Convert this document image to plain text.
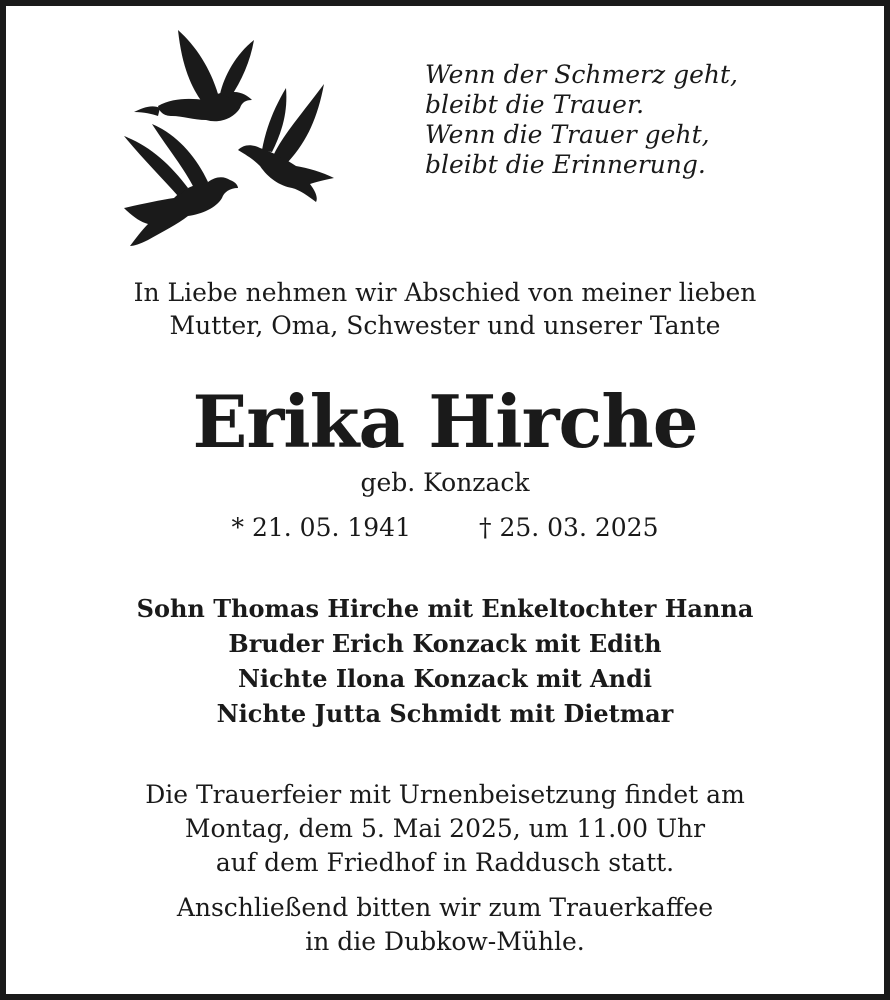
Wenn der Schmerz geht,
bleibt die Trauer.
Wenn die Trauer geht,
bleibt die Erinnerung.
In Liebe nehmen wir Abschied von meiner lieben
Mutter, Oma, Schwester und unserer Tante
Erika Hirche
geb. Konzack
* 21. 05. 1941	† 25. 03. 2025
Sohn Thomas Hirche mit Enkeltochter Hanna
Bruder Erich Konzack mit Edith
Nichte Ilona Konzack mit Andi
Nichte Jutta Schmidt mit Dietmar
Die Trauerfeier mit Urnenbeisetzung findet am
Montag, dem 5. Mai 2025, um 11.00 Uhr
auf dem Friedhof in Raddusch statt.
Anschließend bitten wir zum Trauerkaffee
in die Dubkow-Mühle.
